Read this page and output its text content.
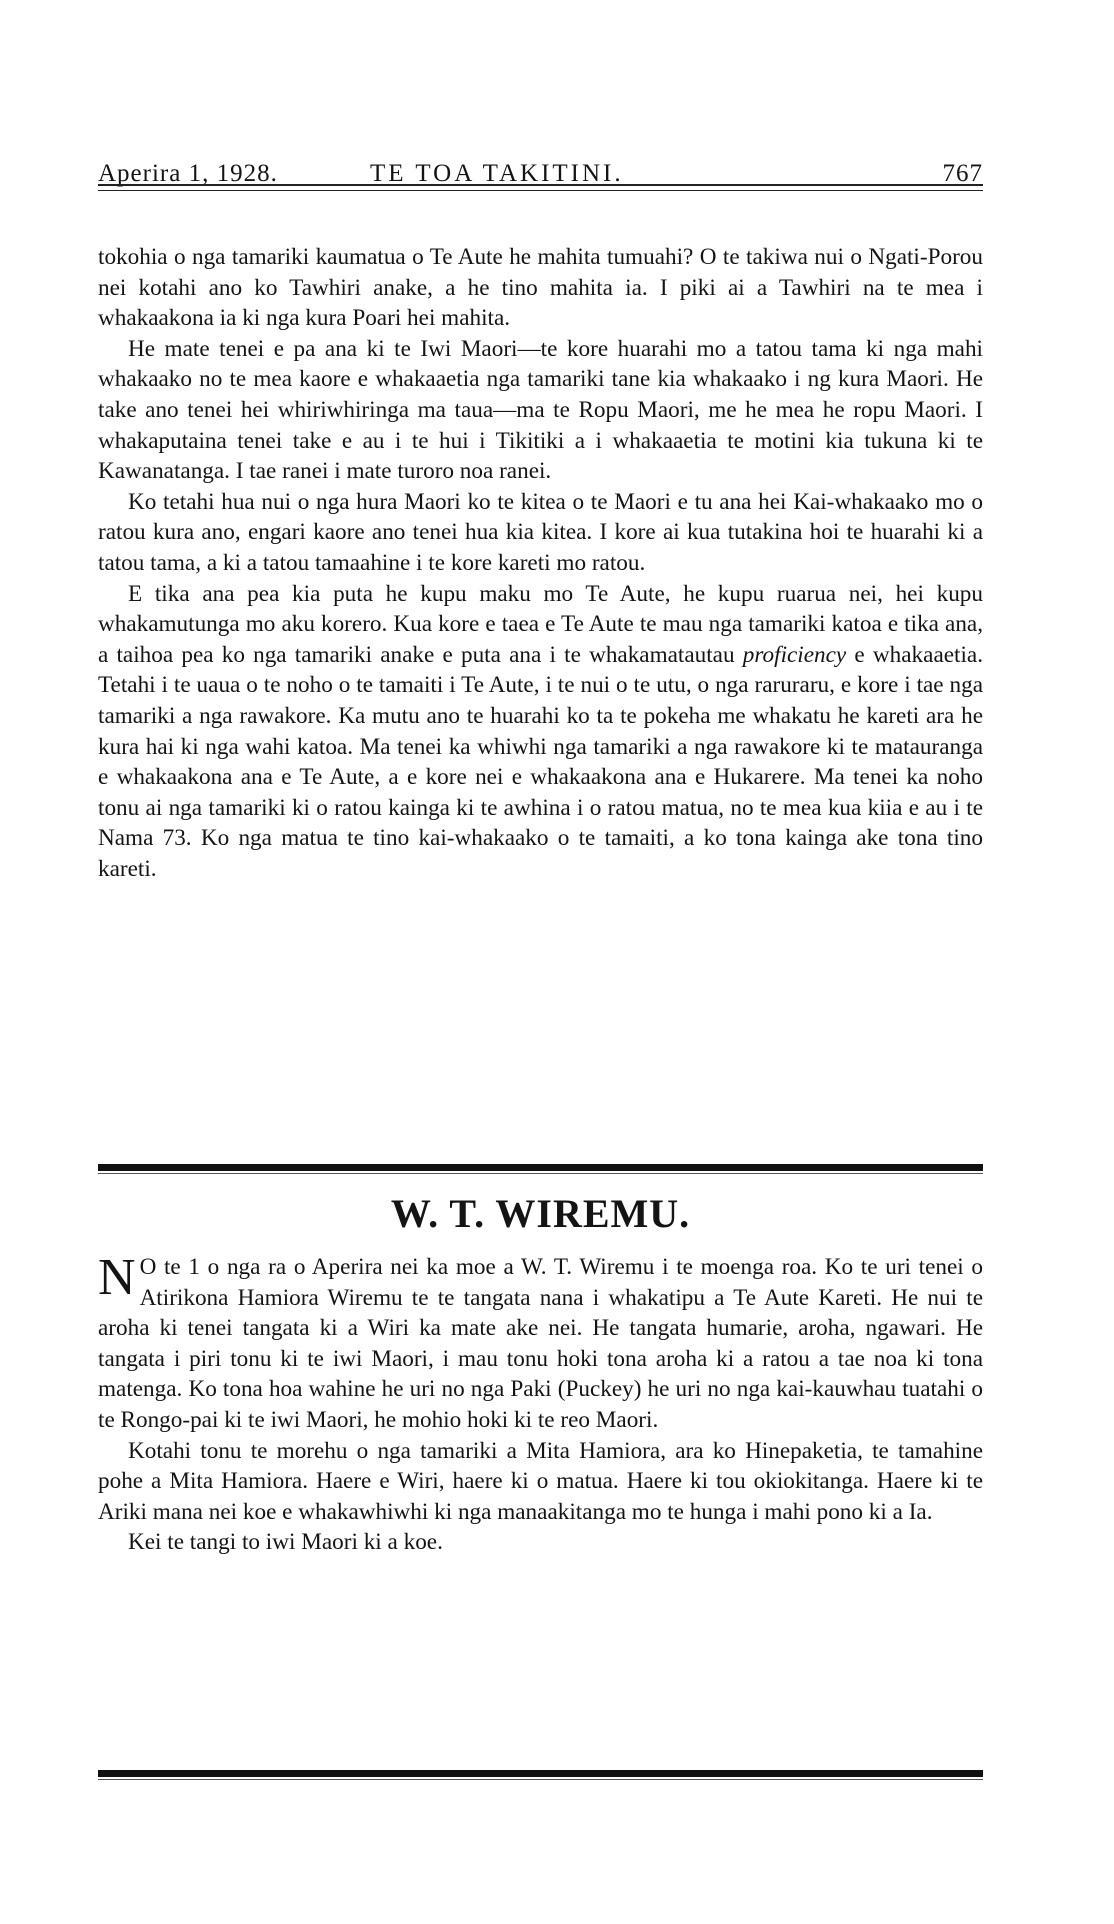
Aperira 1, 1928.	TE TOA TAKITINI.	767

tokohia o nga tamariki kaumatua o Te Aute he mahita tumuahi? O te takiwa nui o Ngati-Porou nei kotahi ano ko Tawhiri anake, a he tino mahita ia. I piki ai a Tawhiri na te mea i whakaakona ia ki nga kura Poari hei mahita.

He mate tenei e pa ana ki te Iwi Maori—te kore huarahi mo a tatou tama ki nga mahi whakaako no te mea kaore e whakaaetia nga tamariki tane kia whakaako i ng kura Maori. He take ano tenei hei whiriwhiringa ma taua—ma te Ropu Maori, me he mea he ropu Maori. I whakaputaina tenei take e au i te hui i Tikitiki a i whakaaetia te motini kia tukuna ki te Kawanatanga. I tae ranei i mate turoro noa ranei.

Ko tetahi hua nui o nga hura Maori ko te kitea o te Maori e tu ana hei Kai-whakaako mo o ratou kura ano, engari kaore ano tenei hua kia kitea. I kore ai kua tutakina hoi te huarahi ki a tatou tama, a ki a tatou tamaahine i te kore kareti mo ratou.

E tika ana pea kia puta he kupu maku mo Te Aute, he kupu ruarua nei, hei kupu whakamutunga mo aku korero. Kua kore e taea e Te Aute te mau nga tamariki katoa e tika ana, a taihoa pea ko nga tamariki anake e puta ana i te whakamatautau proficiency e whakaaetia. Tetahi i te uaua o te noho o te tamaiti i Te Aute, i te nui o te utu, o nga raruraru, e kore i tae nga tamariki a nga rawakore. Ka mutu ano te huarahi ko ta te pokeha me whakatu he kareti ara he kura hai ki nga wahi katoa. Ma tenei ka whiwhi nga tamariki a nga rawakore ki te matauranga e whakaakona ana e Te Aute, a e kore nei e whakaakona ana e Hukarere. Ma tenei ka noho tonu ai nga tamariki ki o ratou kainga ki te awhina i o ratou matua, no te mea kua kiia e au i te Nama 73. Ko nga matua te tino kai-whakaako o te tamaiti, a ko tona kainga ake tona tino kareti.

W. T. WIREMU.

N O te 1 o nga ra o Aperira nei ka moe a W. T. Wiremu i te moenga roa. Ko te uri tenei o Atirikona Hamiora Wiremu te te tangata nana i whakatipu a Te Aute Kareti. He nui te aroha ki tenei tangata ki a Wiri ka mate ake nei. He tangata humarie, aroha, ngawari. He tangata i piri tonu ki te iwi Maori, i mau tonu hoki tona aroha ki a ratou a tae noa ki tona matenga. Ko tona hoa wahine he uri no nga Paki (Puckey) he uri no nga kai-kauwhau tuatahi o te Rongo-pai ki te iwi Maori, he mohio hoki ki te reo Maori.

Kotahi tonu te morehu o nga tamariki a Mita Hamiora, ara ko Hinepaketia, te tamahine pohe a Mita Hamiora. Haere e Wiri, haere ki o matua. Haere ki tou okiokitanga. Haere ki te Ariki mana nei koe e whakawhiwhi ki nga manaakitanga mo te hunga i mahi pono ki a Ia.

Kei te tangi to iwi Maori ki a koe.
